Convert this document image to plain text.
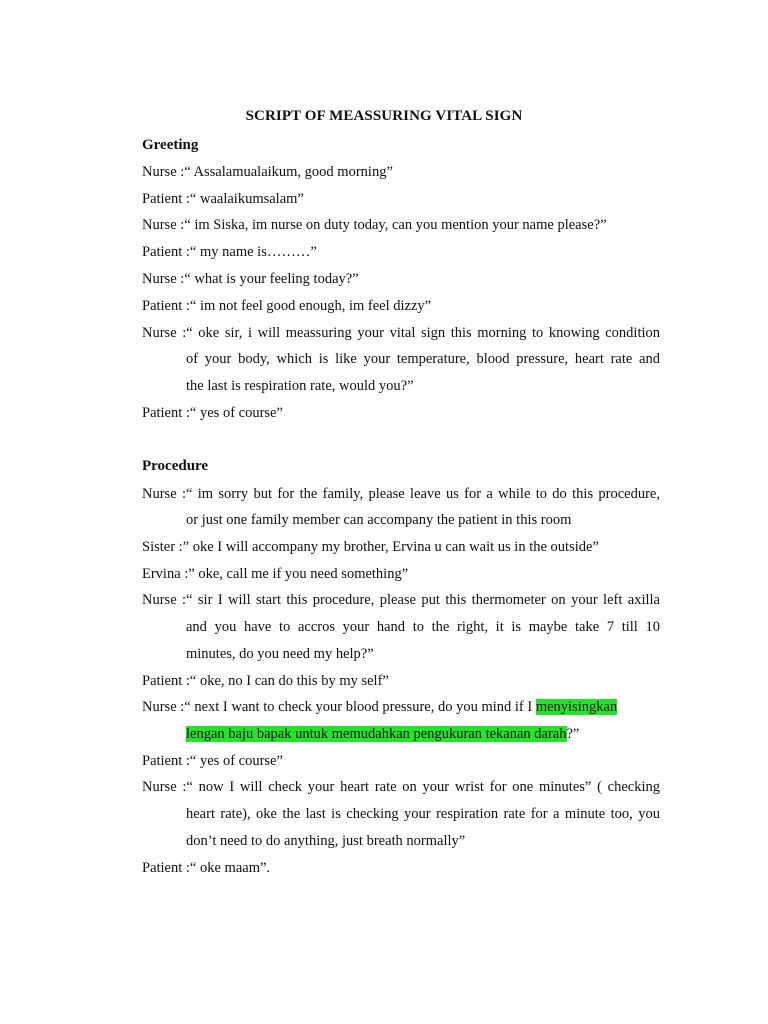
SCRIPT OF MEASSURING VITAL SIGN
Greeting
Nurse :“ Assalamualaikum, good morning”
Patient :“ waalaikumsalam”
Nurse :“ im Siska, im nurse on duty today, can you mention your name please?”
Patient :“ my name is………”
Nurse :“ what is your feeling today?”
Patient :“ im not feel good enough, im feel dizzy”
Nurse :“ oke sir, i will meassuring your vital sign this morning to knowing condition
of your body, which is like your temperature, blood pressure, heart rate and
the last is respiration rate, would you?”
Patient :“ yes of course”
Procedure
Nurse :“ im sorry but for the family, please leave us for a while to do this procedure,
or just one family member can accompany the patient in this room
Sister :” oke I will accompany my brother, Ervina u can wait us in the outside”
Ervina :” oke, call me if you need something”
Nurse :“ sir I will start this procedure, please put this thermometer on your left axilla
and you have to accros your hand to the right, it is maybe take 7 till 10
minutes, do you need my help?”
Patient :“ oke, no I can do this by my self”
Nurse :“ next I want to check your blood pressure, do you mind if I menyisingkan
lengan baju bapak untuk memudahkan pengukuran tekanan darah?”
Patient :“ yes of course”
Nurse :“ now I will check your heart rate on your wrist for one minutes” ( checking
heart rate), oke the last is checking your respiration rate for a minute too, you
don’t need to do anything, just breath normally”
Patient :“ oke maam”.
